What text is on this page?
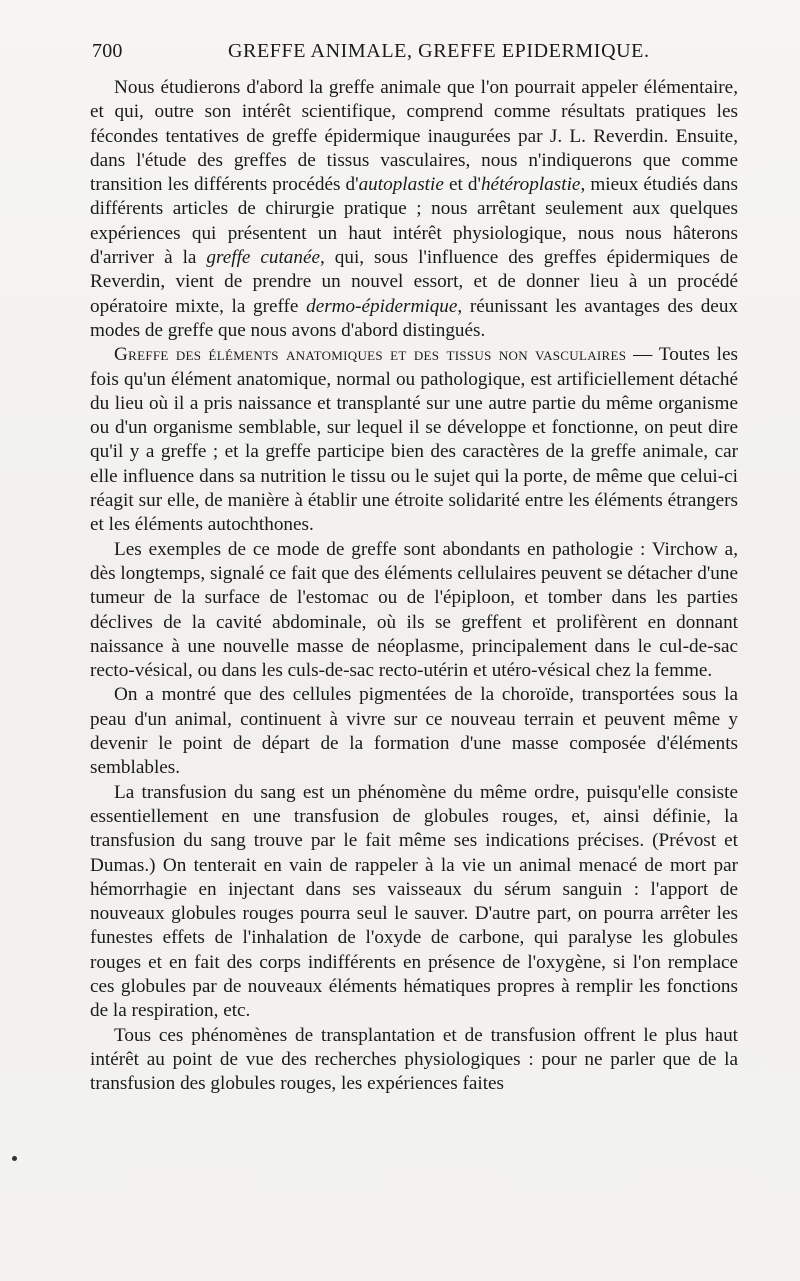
700	GREFFE ANIMALE, GREFFE EPIDERMIQUE.

Nous étudierons d'abord la greffe animale que l'on pourrait appeler élémentaire, et qui, outre son intérêt scientifique, comprend comme résultats pratiques les fécondes tentatives de greffe épidermique inaugurées par J. L. Reverdin. Ensuite, dans l'étude des greffes de tissus vasculaires, nous n'indiquerons que comme transition les différents procédés d'autoplastie et d'hétéroplastie, mieux étudiés dans différents articles de chirurgie pratique ; nous arrêtant seulement aux quelques expériences qui présentent un haut intérêt physiologique, nous nous hâterons d'arriver à la greffe cutanée, qui, sous l'influence des greffes épidermiques de Reverdin, vient de prendre un nouvel essort, et de donner lieu à un procédé opératoire mixte, la greffe dermo-épidermique, réunissant les avantages des deux modes de greffe que nous avons d'abord distingués.

Greffe des éléments anatomiques et des tissus non vasculaires — Toutes les fois qu'un élément anatomique, normal ou pathologique, est artificiellement détaché du lieu où il a pris naissance et transplanté sur une autre partie du même organisme ou d'un organisme semblable, sur lequel il se développe et fonctionne, on peut dire qu'il y a greffe ; et la greffe participe bien des caractères de la greffe animale, car elle influence dans sa nutrition le tissu ou le sujet qui la porte, de même que celui-ci réagit sur elle, de manière à établir une étroite solidarité entre les éléments étrangers et les éléments autochthones.

Les exemples de ce mode de greffe sont abondants en pathologie : Virchow a, dès longtemps, signalé ce fait que des éléments cellulaires peuvent se détacher d'une tumeur de la surface de l'estomac ou de l'épiploon, et tomber dans les parties déclives de la cavité abdominale, où ils se greffent et prolifèrent en donnant naissance à une nouvelle masse de néoplasme, principalement dans le cul-de-sac recto-vésical, ou dans les culs-de-sac recto-utérin et utéro-vésical chez la femme.

On a montré que des cellules pigmentées de la choroïde, transportées sous la peau d'un animal, continuent à vivre sur ce nouveau terrain et peuvent même y devenir le point de départ de la formation d'une masse composée d'éléments semblables.

La transfusion du sang est un phénomène du même ordre, puisqu'elle consiste essentiellement en une transfusion de globules rouges, et, ainsi définie, la transfusion du sang trouve par le fait même ses indications précises. (Prévost et Dumas.) On tenterait en vain de rappeler à la vie un animal menacé de mort par hémorrhagie en injectant dans ses vaisseaux du sérum sanguin : l'apport de nouveaux globules rouges pourra seul le sauver. D'autre part, on pourra arrêter les funestes effets de l'inhalation de l'oxyde de carbone, qui paralyse les globules rouges et en fait des corps indifférents en présence de l'oxygène, si l'on remplace ces globules par de nouveaux éléments hématiques propres à remplir les fonctions de la respiration, etc.

Tous ces phénomènes de transplantation et de transfusion offrent le plus haut intérêt au point de vue des recherches physiologiques : pour ne parler que de la transfusion des globules rouges, les expériences faites
